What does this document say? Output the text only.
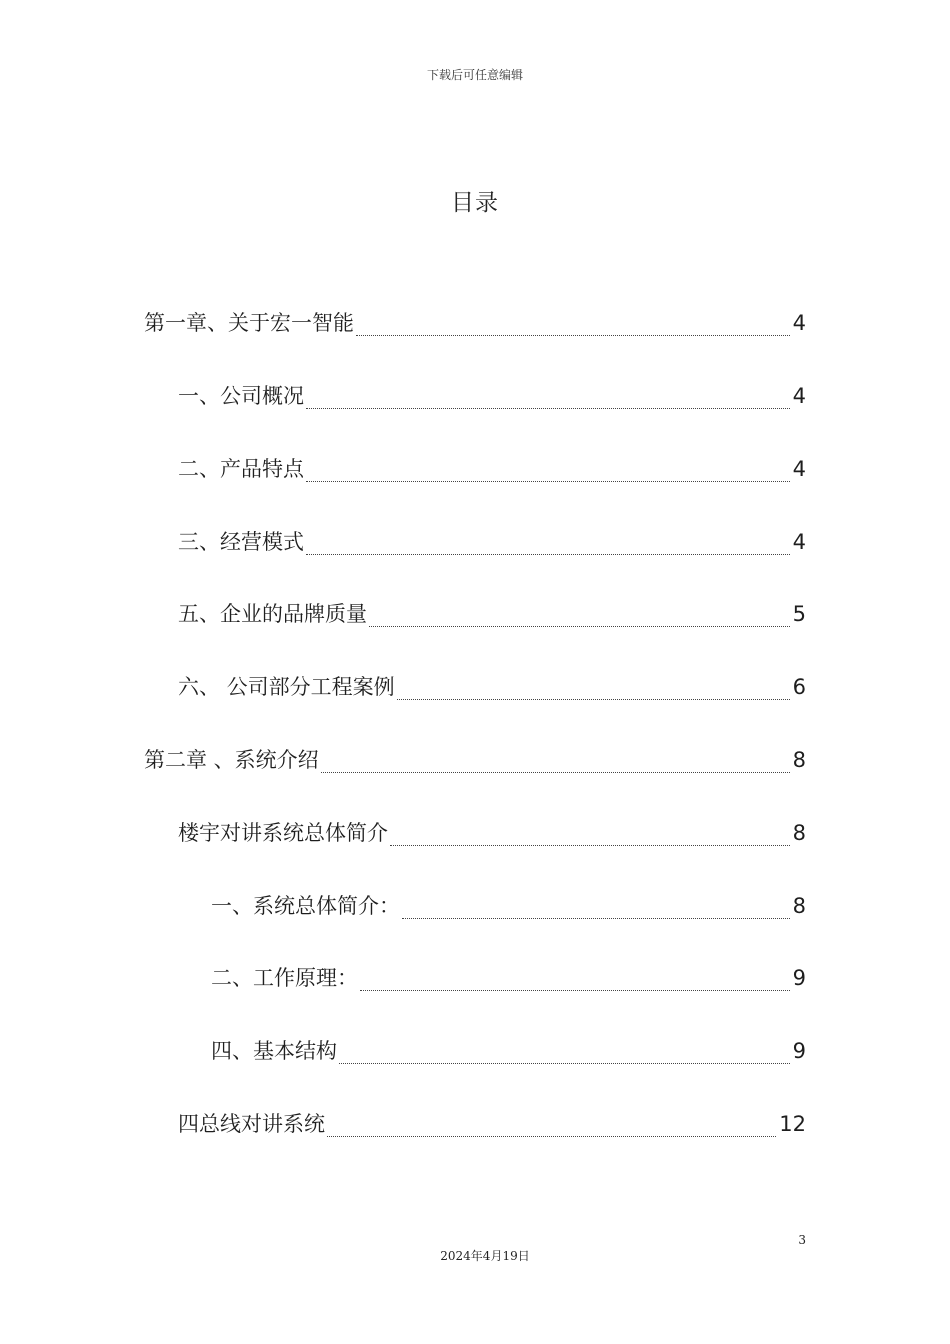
下载后可任意编辑
目录
第一章、关于宏一智能	4
一、公司概况	4
二、产品特点	4
三、经营模式	4
五、企业的品牌质量	5
六、 公司部分工程案例	6
第二章 、系统介绍	8
楼宇对讲系统总体简介	8
一、系统总体简介：	8
二、工作原理：	9
四、基本结构	9
四总线对讲系统	12
3
2024年4月19日
